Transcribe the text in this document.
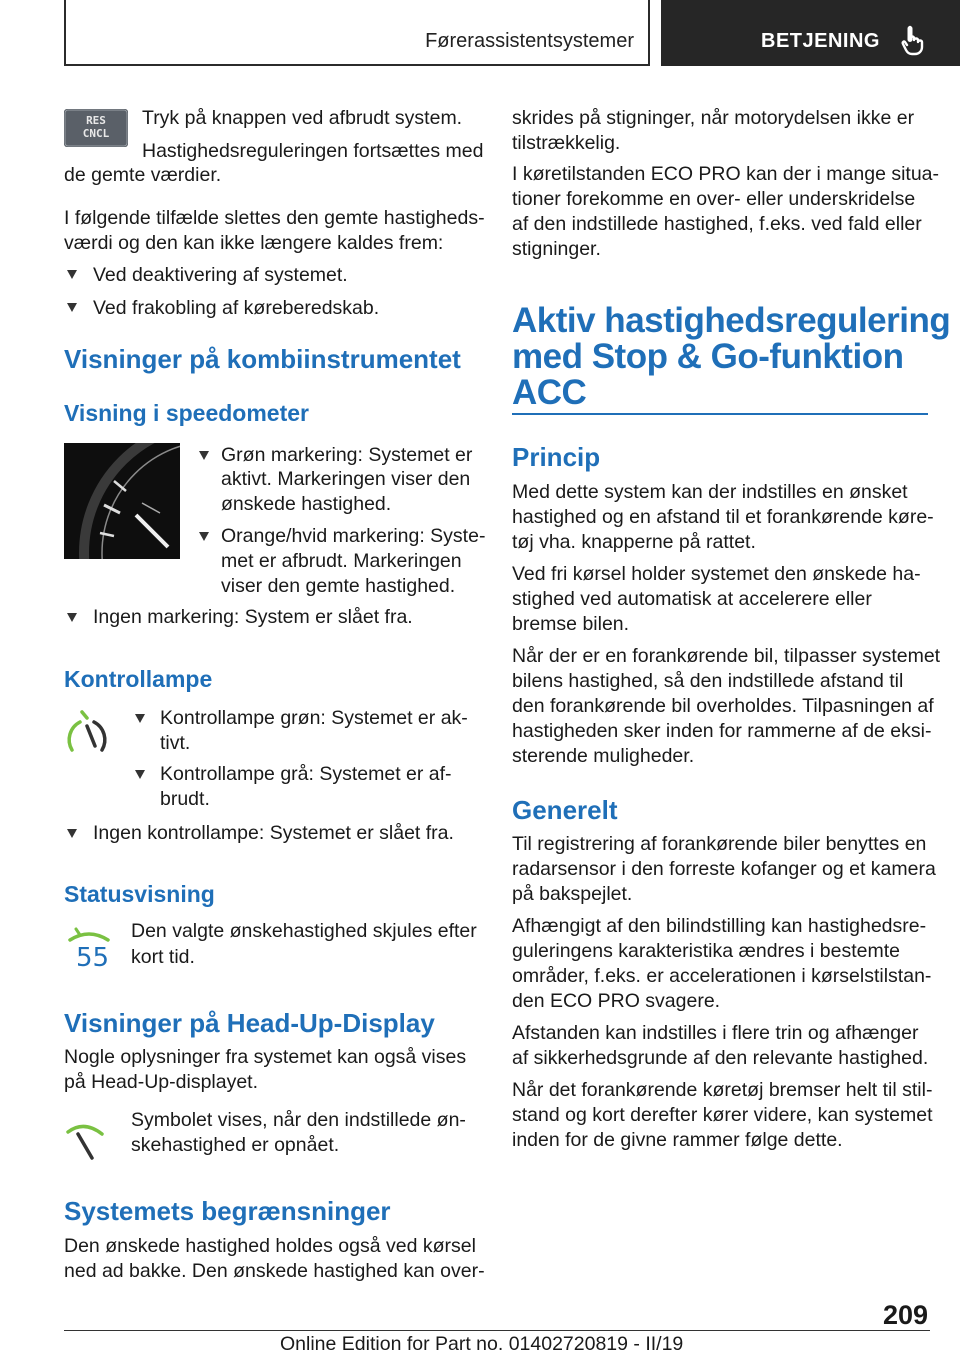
Førerassistentsystemer	BETJENING
RES CNCL
Tryk på knappen ved afbrudt system.
Hastighedsreguleringen fortsættes med
de gemte værdier.
I følgende tilfælde slettes den gemte hastigheds‐
værdi og den kan ikke længere kaldes frem:
Ved deaktivering af systemet.
Ved frakobling af køreberedskab.
Visninger på kombiinstrumentet
Visning i speedometer
Grøn markering: Systemet er
aktivt. Markeringen viser den
ønskede hastighed.
Orange/hvid markering: Syste‐
met er afbrudt. Markeringen
viser den gemte hastighed.
Ingen markering: System er slået fra.
Kontrollampe
Kontrollampe grøn: Systemet er ak‐
tivt.
Kontrollampe grå: Systemet er af‐
brudt.
Ingen kontrollampe: Systemet er slået fra.
Statusvisning
55
Den valgte ønskehastighed skjules efter
kort tid.
Visninger på Head-Up-Display
Nogle oplysninger fra systemet kan også vises
på Head-Up-displayet.
Symbolet vises, når den indstillede øn‐
skehastighed er opnået.
Systemets begrænsninger
Den ønskede hastighed holdes også ved kørsel
ned ad bakke. Den ønskede hastighed kan over‐
skrides på stigninger, når motorydelsen ikke er
tilstrækkelig.
I køretilstanden ECO PRO kan der i mange situa‐
tioner forekomme en over- eller underskridelse
af den indstillede hastighed, f.eks. ved fald eller
stigninger.
Aktiv hastighedsregulering
med Stop & Go-funktion
ACC
Princip
Med dette system kan der indstilles en ønsket
hastighed og en afstand til et forankørende køre‐
tøj vha. knapperne på rattet.
Ved fri kørsel holder systemet den ønskede ha‐
stighed ved automatisk at accelerere eller
bremse bilen.
Når der er en forankørende bil, tilpasser systemet
bilens hastighed, så den indstillede afstand til
den forankørende bil overholdes. Tilpasningen af
hastigheden sker inden for rammerne af de eksi‐
sterende muligheder.
Generelt
Til registrering af forankørende biler benyttes en
radarsensor i den forreste kofanger og et kamera
på bakspejlet.
Afhængigt af den bilindstilling kan hastighedsre‐
guleringens karakteristika ændres i bestemte
områder, f.eks. er accelerationen i kørselstilstan‐
den ECO PRO svagere.
Afstanden kan indstilles i flere trin og afhænger
af sikkerhedsgrunde af den relevante hastighed.
Når det forankørende køretøj bremser helt til stil‐
stand og kort derefter kører videre, kan systemet
inden for de givne rammer følge dette.
209
Online Edition for Part no. 01402720819 - II/19
